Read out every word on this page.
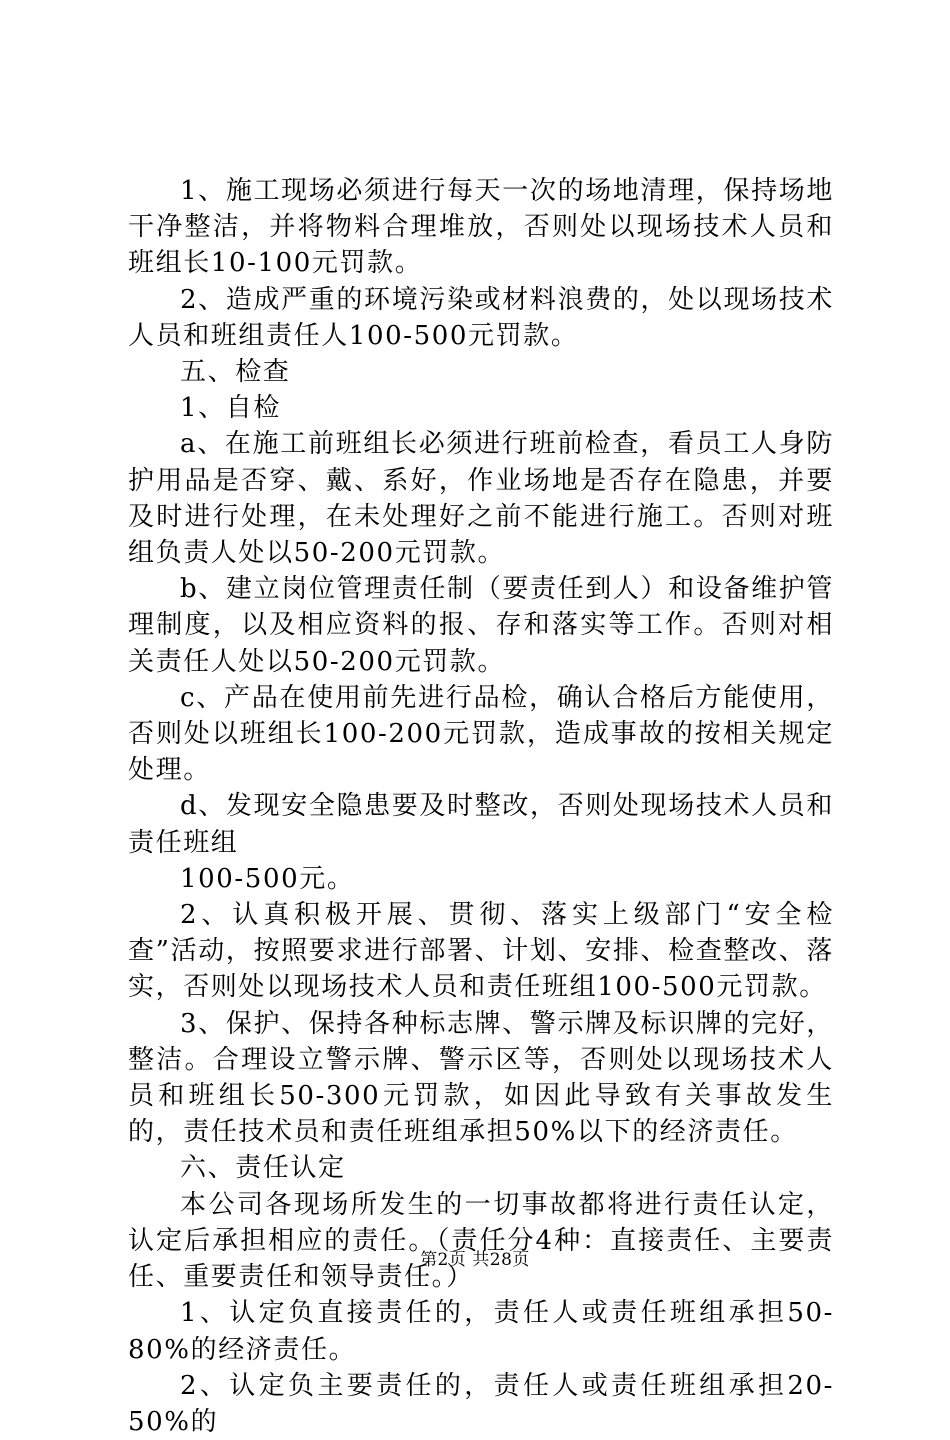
1、施工现场必须进行每天一次的场地清理，保持场地干净整洁，并将物料合理堆放，否则处以现场技术人员和班组长10-100元罚款。

2、造成严重的环境污染或材料浪费的，处以现场技术人员和班组责任人100-500元罚款。

五、检查

1、自检

a、在施工前班组长必须进行班前检查，看员工人身防护用品是否穿、戴、系好，作业场地是否存在隐患，并要及时进行处理，在未处理好之前不能进行施工。否则对班组负责人处以50-200元罚款。

b、建立岗位管理责任制（要责任到人）和设备维护管理制度，以及相应资料的报、存和落实等工作。否则对相关责任人处以50-200元罚款。

c、产品在使用前先进行品检，确认合格后方能使用，否则处以班组长100-200元罚款，造成事故的按相关规定处理。

d、发现安全隐患要及时整改，否则处现场技术人员和责任班组

100-500元。

2、认真积极开展、贯彻、落实上级部门“安全检查”活动，按照要求进行部署、计划、安排、检查整改、落实，否则处以现场技术人员和责任班组100-500元罚款。

3、保护、保持各种标志牌、警示牌及标识牌的完好，整洁。合理设立警示牌、警示区等，否则处以现场技术人员和班组长50-300元罚款，如因此导致有关事故发生的，责任技术员和责任班组承担50%以下的经济责任。

六、责任认定

本公司各现场所发生的一切事故都将进行责任认定，认定后承担相应的责任。（责任分4种：直接责任、主要责任、重要责任和领导责任。）

1、认定负直接责任的，责任人或责任班组承担50-80%的经济责任。

2、认定负主要责任的，责任人或责任班组承担20-50%的

第2页 共28页
